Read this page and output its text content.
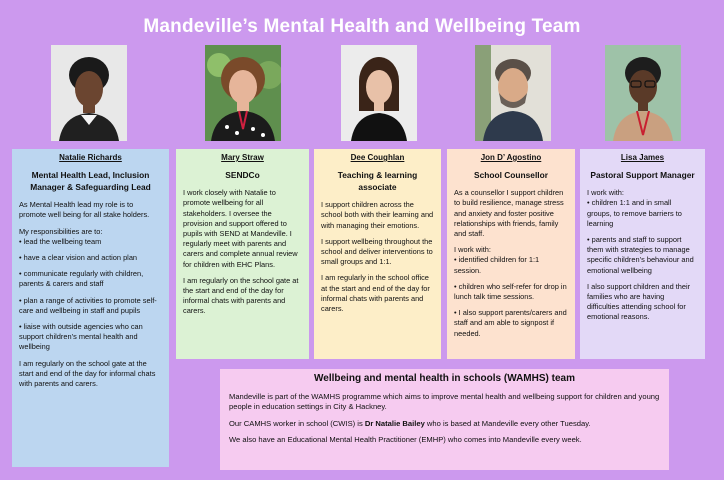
Mandeville’s Mental Health and Wellbeing Team
Natalie Richards
Mental Health Lead, Inclusion Manager & Safeguarding Lead

As Mental Health lead my role is to promote well being for all stake holders.

My responsibilities are to:

• lead the wellbeing team

• have a clear vision and action plan

• communicate regularly with children, parents & carers and staff

• plan a range of activities to promote self-care and wellbeing in staff and pupils

• liaise with outside agencies who can support children’s mental health and wellbeing

I am regularly on the school gate at the start and end of the day for informal chats with parents and carers.

Mary Straw
SENDCo

I work closely with Natalie to promote wellbeing for all stakeholders. I oversee the provision and support offered to pupils with SEND at Mandeville. I regularly meet with parents and carers and complete annual review for children with EHC Plans.

I am regularly on the school gate at the start and end of the day for informal chats with parents and carers.

Dee Coughlan
Teaching & learning associate

I support children across the school both with their learning and with managing their emotions.

I support wellbeing throughout the school and deliver interventions to small groups and 1:1.

I am regularly in the school office at the start and end of the day for informal chats with parents and carers.

Jon D’ Agostino
School Counsellor

As a counsellor I support children to build resilience, manage stress and anxiety and foster positive relationships with friends, family and staff.

I work with:

• identified children for 1:1 session.

• children who self-refer for drop in lunch talk time sessions.

• I also support parents/carers and staff and am able to signpost if needed.

Lisa James
Pastoral Support Manager

I work with:

• children 1:1 and in small groups, to remove barriers to learning

• parents and staff to support them with strategies to manage specific children’s behaviour and emotional wellbeing

I also support children and their families who are having difficulties attending school for emotional reasons.

Wellbeing and mental health in schools (WAMHS) team

Mandeville is part of the WAMHS programme which aims to improve mental health and wellbeing support for children and young people in education settings in City & Hackney.

Our CAMHS worker in school (CWIS) is Dr Natalie Bailey who is based at Mandeville every other Tuesday.

We also have an Educational Mental Health Practitioner (EMHP) who comes into Mandeville every week.
